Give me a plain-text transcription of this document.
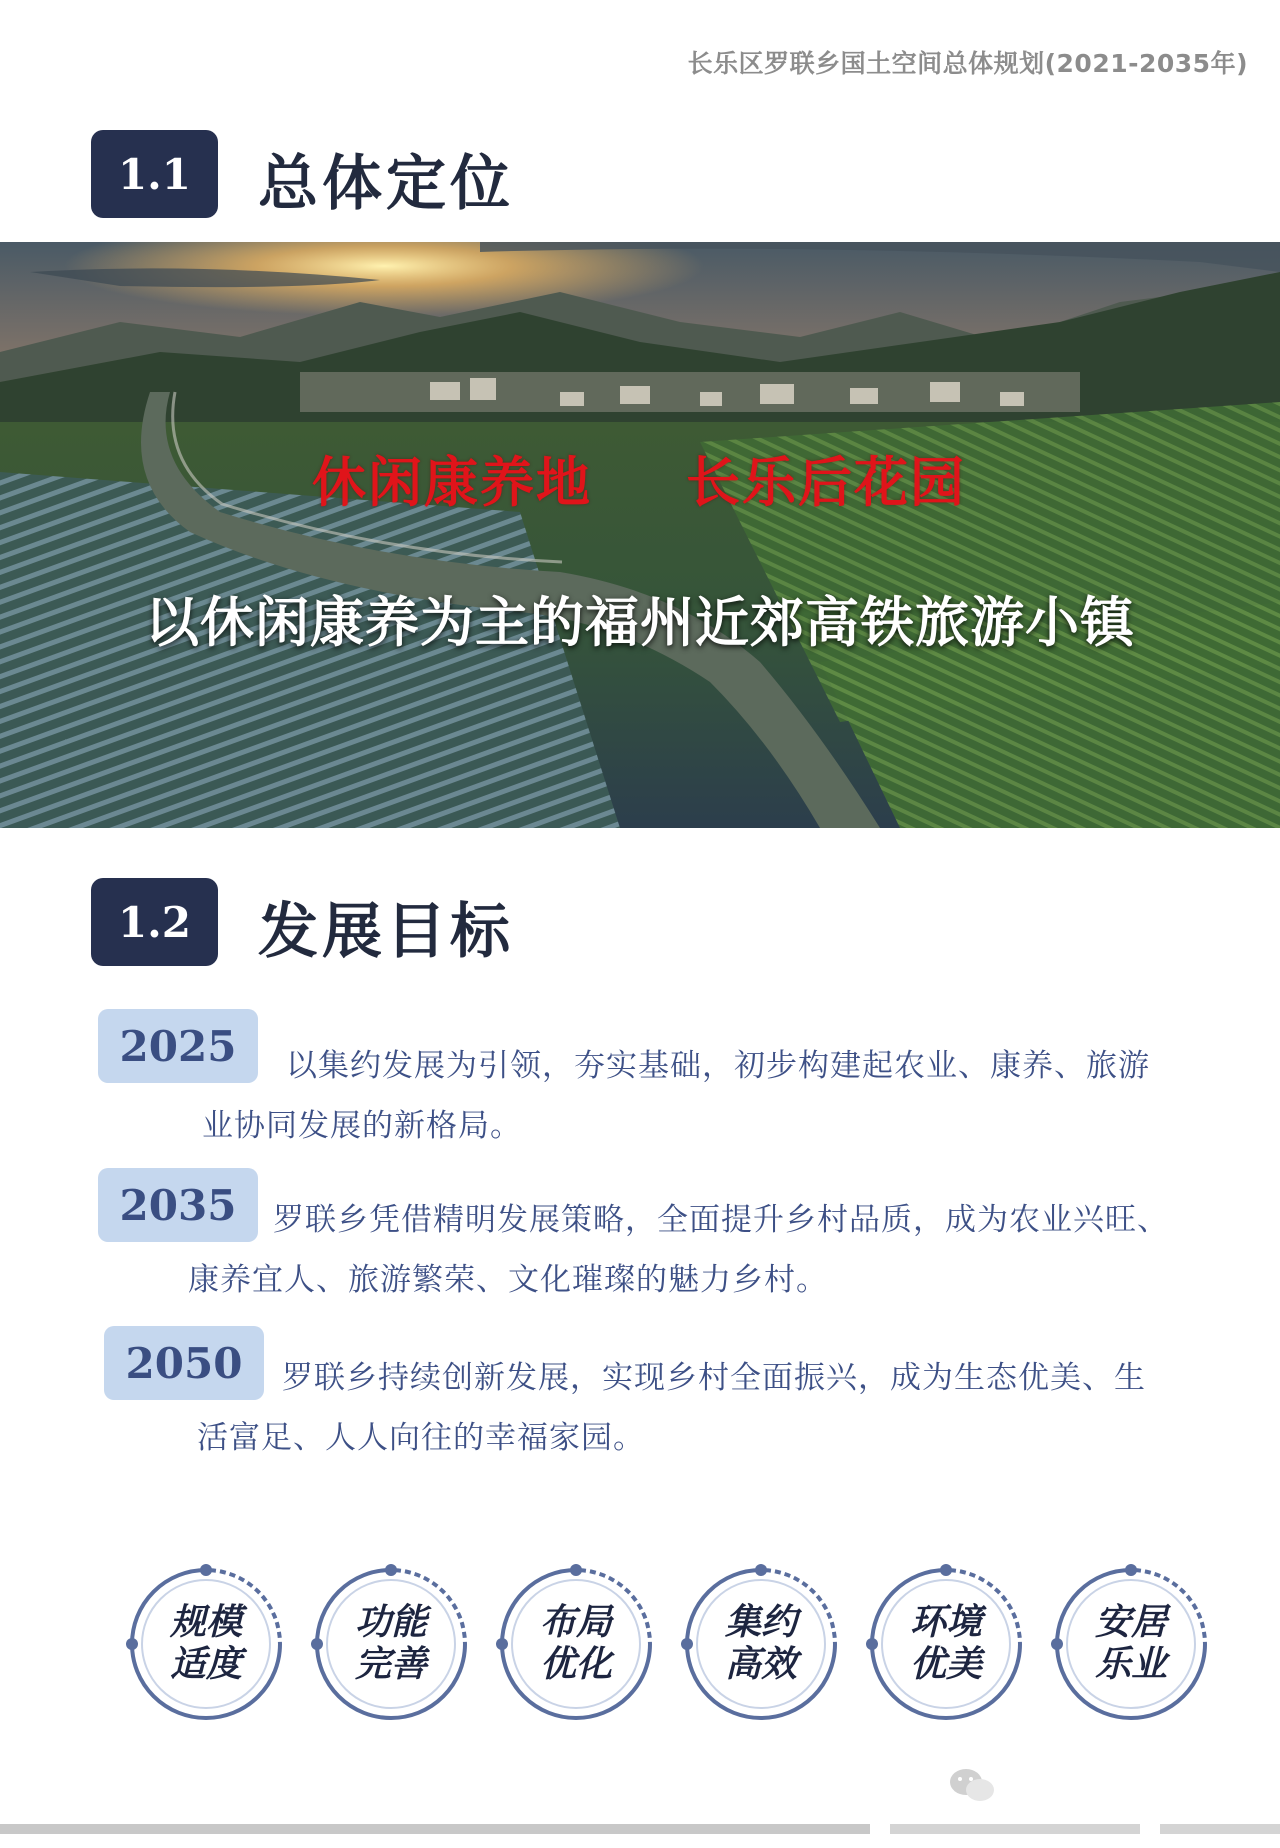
长乐区罗联乡国土空间总体规划(2021-2035年)
1.1	总体定位
休闲康养地 长乐后花园
以休闲康养为主的福州近郊高铁旅游小镇
1.2	发展目标
2025	以集约发展为引领，夯实基础，初步构建起农业、康养、旅游
业协同发展的新格局。
2035	罗联乡凭借精明发展策略，全面提升乡村品质，成为农业兴旺、
康养宜人、旅游繁荣、文化璀璨的魅力乡村。
2050	罗联乡持续创新发展，实现乡村全面振兴，成为生态优美、生
活富足、人人向往的幸福家园。
规模
适度
功能
完善
布局
优化
集约
高效
环境
优美
安居
乐业
